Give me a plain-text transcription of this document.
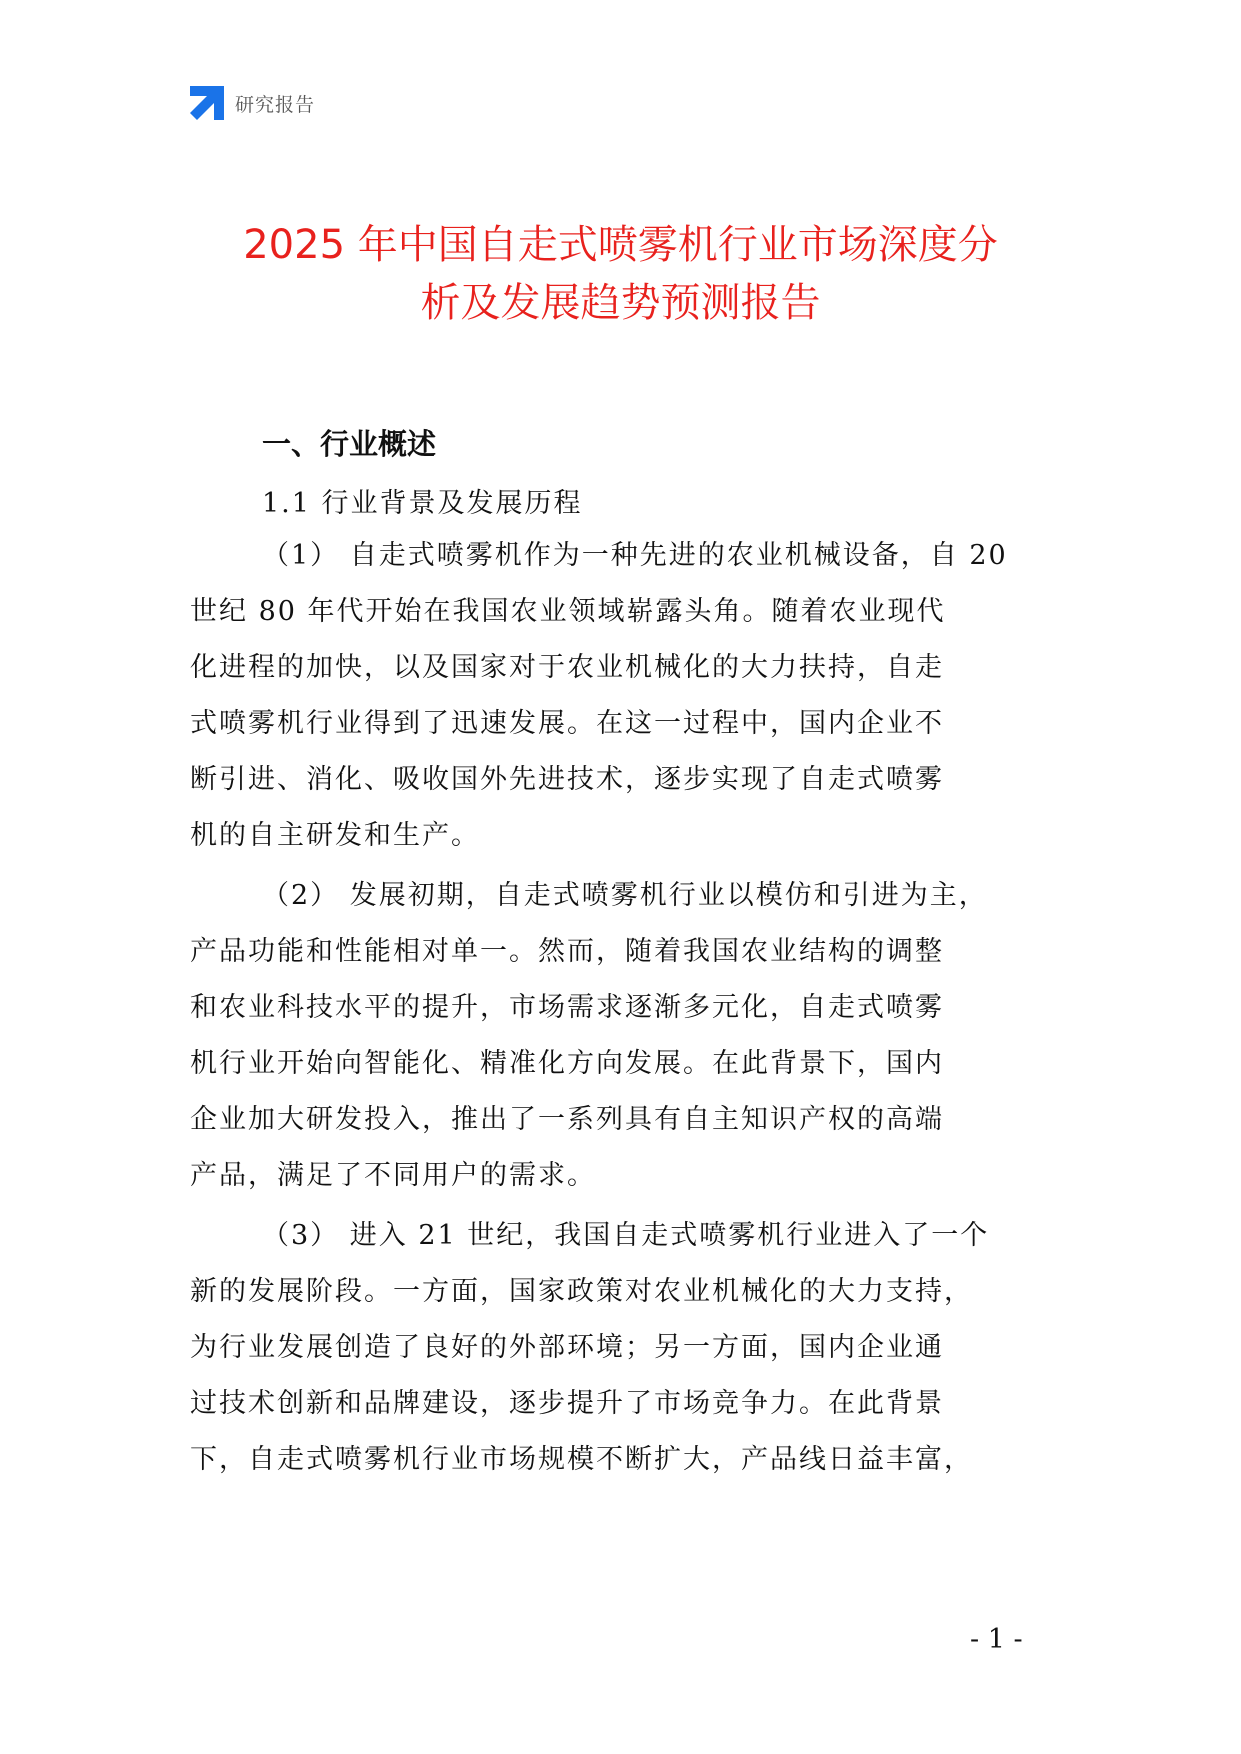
研究报告
2025 年中国自走式喷雾机行业市场深度分
析及发展趋势预测报告
一、行业概述
1.1 行业背景及发展历程
（1） 自走式喷雾机作为一种先进的农业机械设备，自 20
世纪 80 年代开始在我国农业领域崭露头角。随着农业现代
化进程的加快，以及国家对于农业机械化的大力扶持，自走
式喷雾机行业得到了迅速发展。在这一过程中，国内企业不
断引进、消化、吸收国外先进技术，逐步实现了自走式喷雾
机的自主研发和生产。
（2） 发展初期，自走式喷雾机行业以模仿和引进为主，
产品功能和性能相对单一。然而，随着我国农业结构的调整
和农业科技水平的提升，市场需求逐渐多元化，自走式喷雾
机行业开始向智能化、精准化方向发展。在此背景下，国内
企业加大研发投入，推出了一系列具有自主知识产权的高端
产品，满足了不同用户的需求。
（3） 进入 21 世纪，我国自走式喷雾机行业进入了一个
新的发展阶段。一方面，国家政策对农业机械化的大力支持，
为行业发展创造了良好的外部环境；另一方面，国内企业通
过技术创新和品牌建设，逐步提升了市场竞争力。在此背景
下，自走式喷雾机行业市场规模不断扩大，产品线日益丰富，
- 1 -
